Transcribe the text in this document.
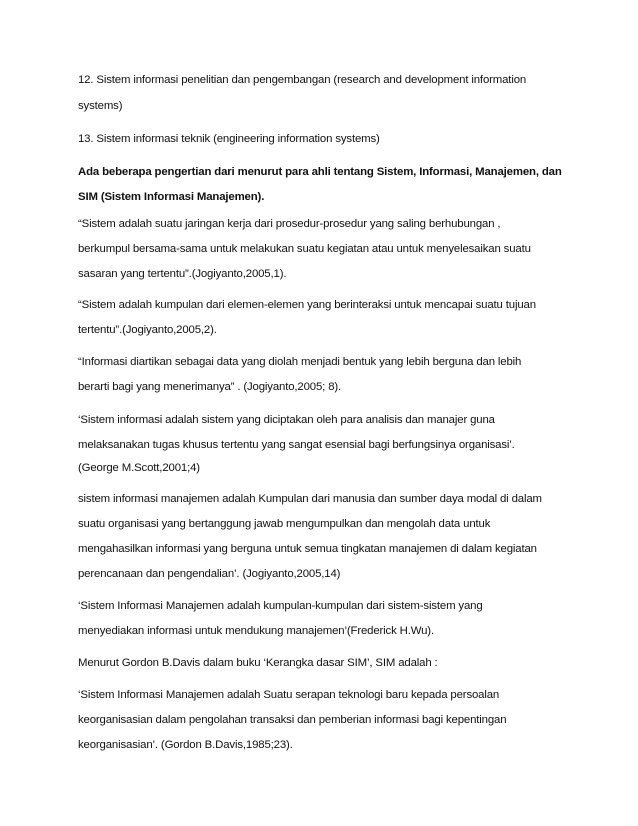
12. Sistem informasi penelitian dan pengembangan (research and development information
systems)
13. Sistem informasi teknik (engineering information systems)
Ada beberapa pengertian dari menurut para ahli tentang Sistem, Informasi, Manajemen, dan
SIM (Sistem Informasi Manajemen).
“Sistem adalah suatu jaringan kerja dari prosedur-prosedur yang saling berhubungan ,
berkumpul bersama-sama untuk melakukan suatu kegiatan atau untuk menyelesaikan suatu
sasaran yang tertentu”.(Jogiyanto,2005,1).
“Sistem adalah kumpulan dari elemen-elemen yang berinteraksi untuk mencapai suatu tujuan
tertentu”.(Jogiyanto,2005,2).
“Informasi diartikan sebagai data yang diolah menjadi bentuk yang lebih berguna dan lebih
berarti bagi yang menerimanya” . (Jogiyanto,2005; 8).
‘Sistem informasi adalah sistem yang diciptakan oleh para analisis dan manajer guna
melaksanakan tugas khusus tertentu yang sangat esensial bagi berfungsinya organisasi’.
(George M.Scott,2001;4)
sistem informasi manajemen adalah Kumpulan dari manusia dan sumber daya modal di dalam
suatu organisasi yang bertanggung jawab mengumpulkan dan mengolah data untuk
mengahasilkan informasi yang berguna untuk semua tingkatan manajemen di dalam kegiatan
perencanaan dan pengendalian’. (Jogiyanto,2005,14)
‘Sistem Informasi Manajemen adalah kumpulan-kumpulan dari sistem-sistem yang
menyediakan informasi untuk mendukung manajemen’(Frederick H.Wu).
Menurut Gordon B.Davis dalam buku ‘Kerangka dasar SIM’, SIM adalah :
‘Sistem Informasi Manajemen adalah Suatu serapan teknologi baru kepada persoalan
keorganisasian dalam pengolahan transaksi dan pemberian informasi bagi kepentingan
keorganisasian’. (Gordon B.Davis,1985;23).
